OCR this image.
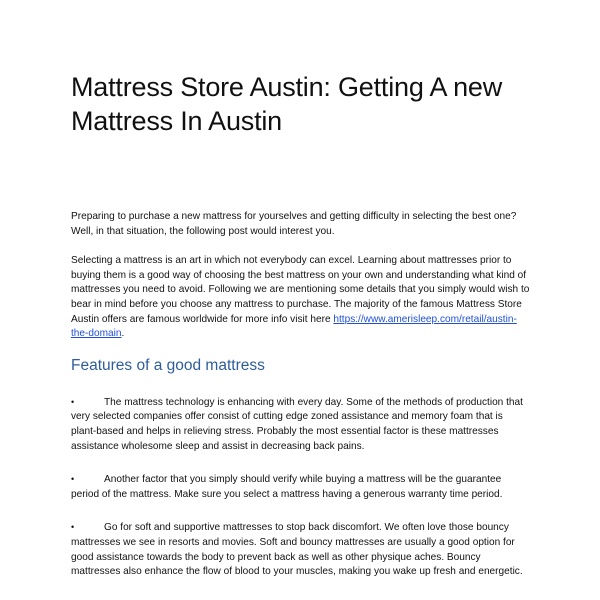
Mattress Store Austin: Getting A new Mattress In Austin

Preparing to purchase a new mattress for yourselves and getting difficulty in selecting the best one? Well, in that situation, the following post would interest you.

Selecting a mattress is an art in which not everybody can excel. Learning about mattresses prior to buying them is a good way of choosing the best mattress on your own and understanding what kind of mattresses you need to avoid. Following we are mentioning some details that you simply would wish to bear in mind before you choose any mattress to purchase. The majority of the famous Mattress Store Austin offers are famous worldwide for more info visit here https://www.amerisleep.com/retail/austin-the-domain.

Features of a good mattress

•	The mattress technology is enhancing with every day. Some of the methods of production that very selected companies offer consist of cutting edge zoned assistance and memory foam that is plant-based and helps in relieving stress. Probably the most essential factor is these mattresses assistance wholesome sleep and assist in decreasing back pains.

•	Another factor that you simply should verify while buying a mattress will be the guarantee period of the mattress. Make sure you select a mattress having a generous warranty time period.

•	Go for soft and supportive mattresses to stop back discomfort. We often love those bouncy mattresses we see in resorts and movies. Soft and bouncy mattresses are usually a good option for good assistance towards the body to prevent back as well as other physique aches. Bouncy mattresses also enhance the flow of blood to your muscles, making you wake up fresh and energetic.
